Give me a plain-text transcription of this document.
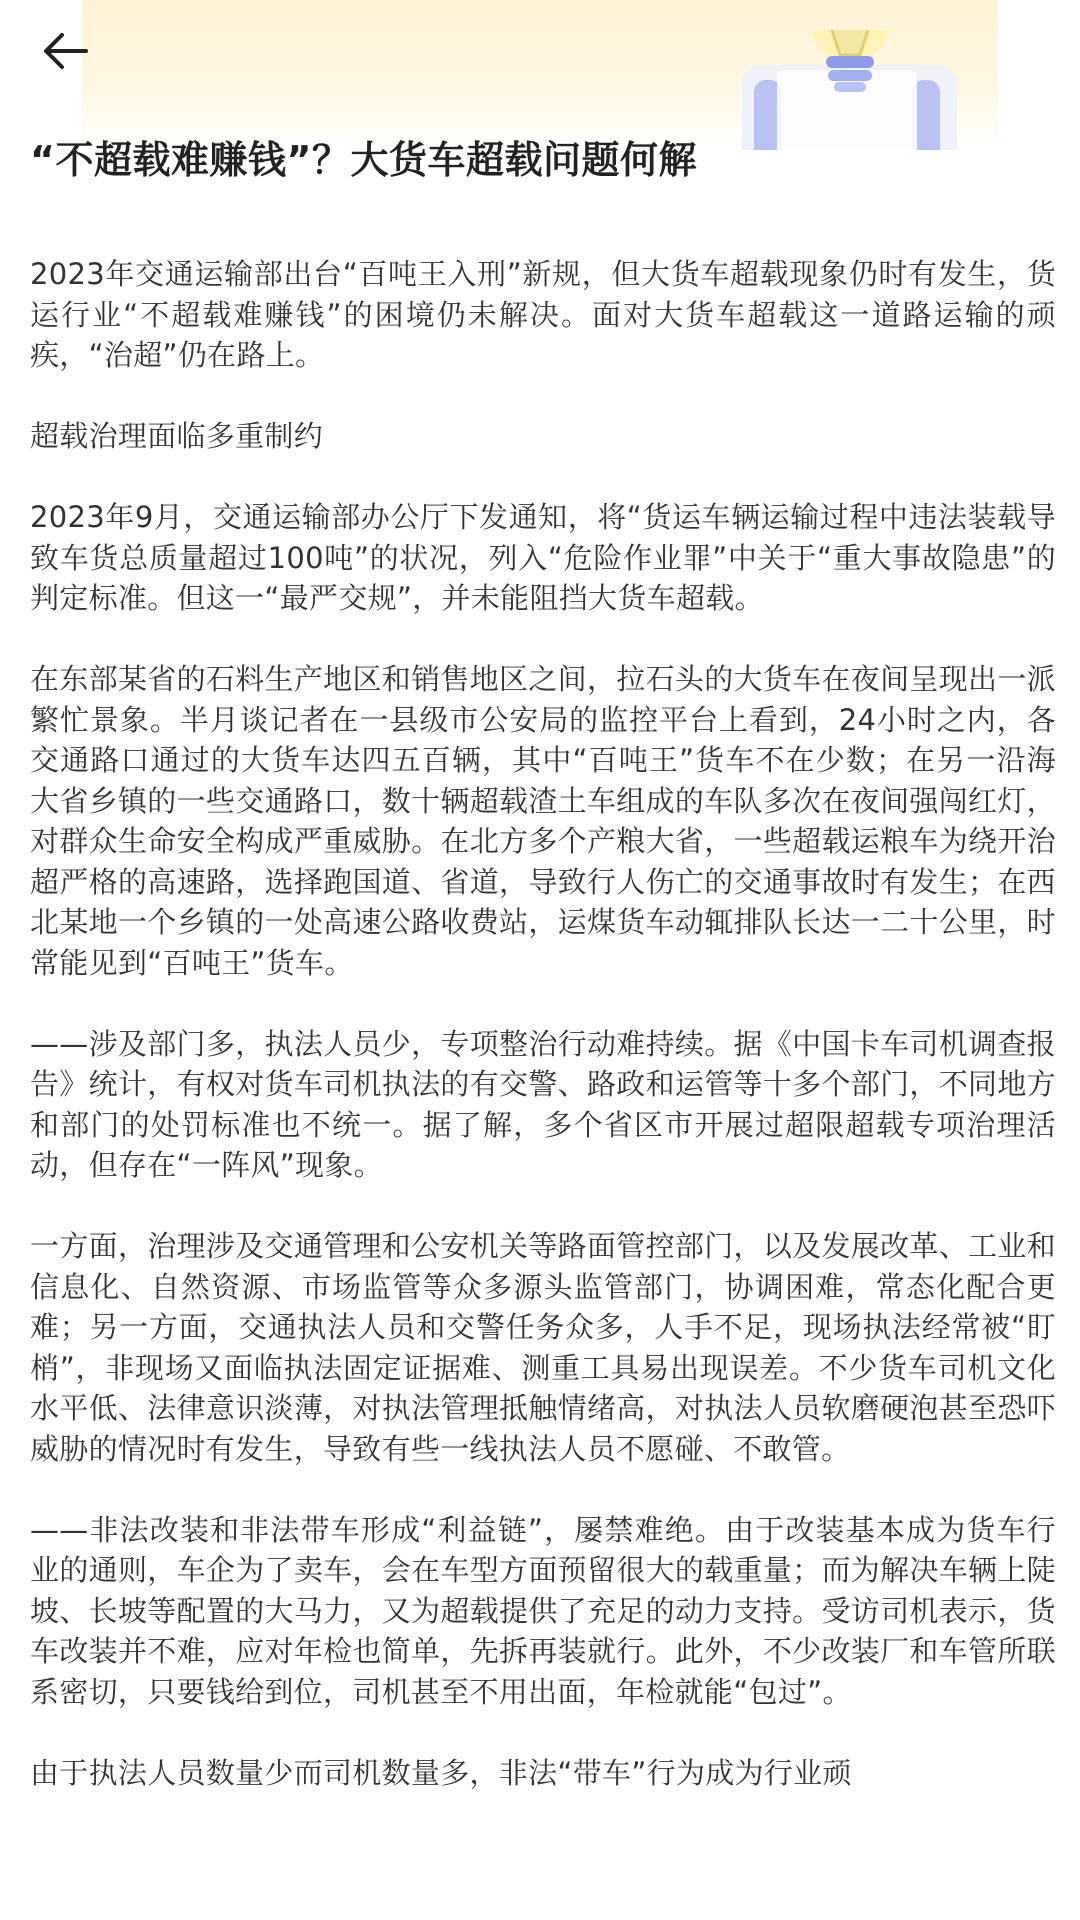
“不超载难赚钱”？大货车超载问题何解

2023年交通运输部出台“百吨王入刑”新规，但大货车超载现象仍时有发生，货运行业“不超载难赚钱”的困境仍未解决。面对大货车超载这一道路运输的顽疾，“治超”仍在路上。

超载治理面临多重制约

2023年9月，交通运输部办公厅下发通知，将“货运车辆运输过程中违法装载导致车货总质量超过100吨”的状况，列入“危险作业罪”中关于“重大事故隐患”的判定标准。但这一“最严交规”，并未能阻挡大货车超载。

在东部某省的石料生产地区和销售地区之间，拉石头的大货车在夜间呈现出一派繁忙景象。半月谈记者在一县级市公安局的监控平台上看到，24小时之内，各交通路口通过的大货车达四五百辆，其中“百吨王”货车不在少数；在另一沿海大省乡镇的一些交通路口，数十辆超载渣土车组成的车队多次在夜间强闯红灯，对群众生命安全构成严重威胁。在北方多个产粮大省，一些超载运粮车为绕开治超严格的高速路，选择跑国道、省道，导致行人伤亡的交通事故时有发生；在西北某地一个乡镇的一处高速公路收费站，运煤货车动辄排队长达一二十公里，时常能见到“百吨王”货车。

——涉及部门多，执法人员少，专项整治行动难持续。据《中国卡车司机调查报告》统计，有权对货车司机执法的有交警、路政和运管等十多个部门，不同地方和部门的处罚标准也不统一。据了解，多个省区市开展过超限超载专项治理活动，但存在“一阵风”现象。

一方面，治理涉及交通管理和公安机关等路面管控部门，以及发展改革、工业和信息化、自然资源、市场监管等众多源头监管部门，协调困难，常态化配合更难；另一方面，交通执法人员和交警任务众多，人手不足，现场执法经常被“盯梢”，非现场又面临执法固定证据难、测重工具易出现误差。不少货车司机文化水平低、法律意识淡薄，对执法管理抵触情绪高，对执法人员软磨硬泡甚至恐吓威胁的情况时有发生，导致有些一线执法人员不愿碰、不敢管。

——非法改装和非法带车形成“利益链”，屡禁难绝。由于改装基本成为货车行业的通则，车企为了卖车，会在车型方面预留很大的载重量；而为解决车辆上陡坡、长坡等配置的大马力，又为超载提供了充足的动力支持。受访司机表示，货车改装并不难，应对年检也简单，先拆再装就行。此外，不少改装厂和车管所联系密切，只要钱给到位，司机甚至不用出面，年检就能“包过”。

由于执法人员数量少而司机数量多，非法“带车”行为成为行业顽
